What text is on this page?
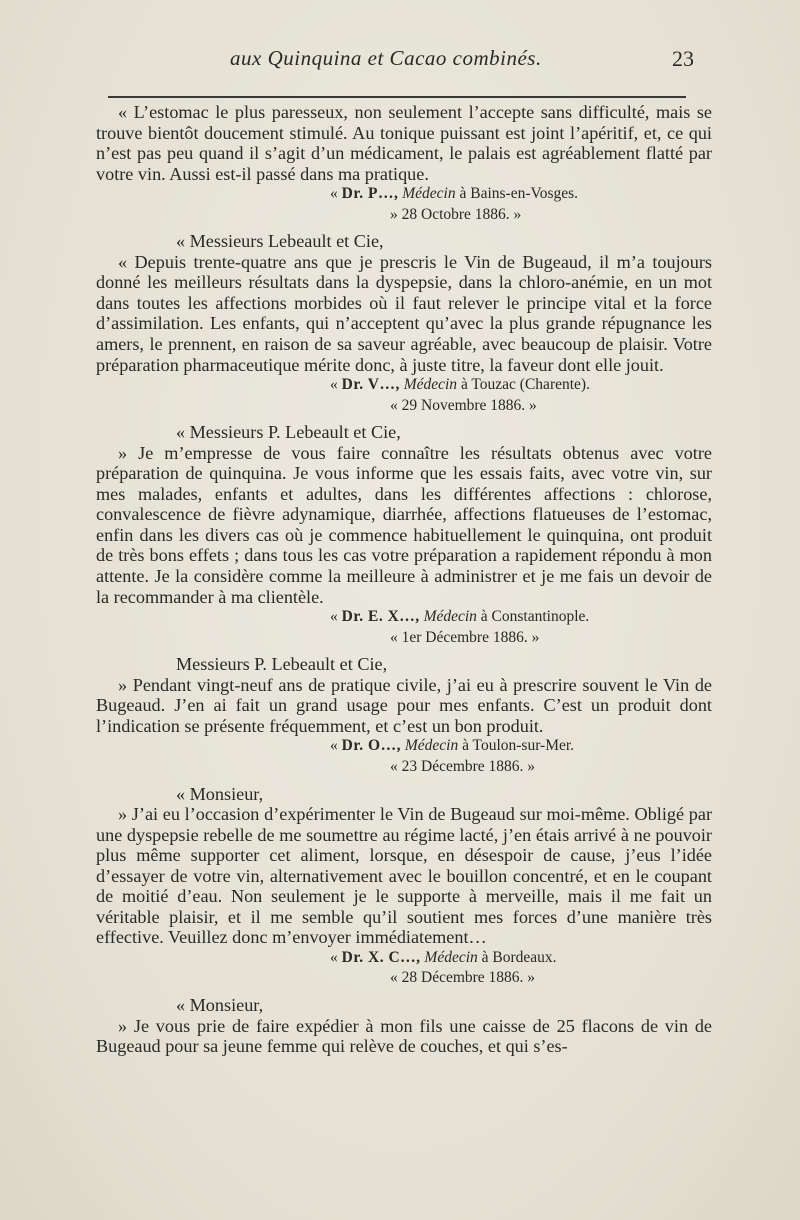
aux Quinquina et Cacao combinés.	23

« L’estomac le plus paresseux, non seulement l’accepte sans difficulté, mais se trouve bientôt doucement stimulé. Au tonique puissant est joint l’apéritif, et, ce qui n’est pas peu quand il s’agit d’un médicament, le palais est agréablement flatté par votre vin. Aussi est-il passé dans ma pratique.

« Dr. P…, Médecin à Bains-en-Vosges.

» 28 Octobre 1886. »

« Messieurs Lebeault et Cie,

« Depuis trente-quatre ans que je prescris le Vin de Bugeaud, il m’a toujours donné les meilleurs résultats dans la dyspepsie, dans la chloro-anémie, en un mot dans toutes les affections morbides où il faut relever le principe vital et la force d’assimilation. Les enfants, qui n’acceptent qu’avec la plus grande répugnance les amers, le prennent, en raison de sa saveur agréable, avec beaucoup de plaisir. Votre préparation pharmaceutique mérite donc, à juste titre, la faveur dont elle jouit.

« Dr. V…, Médecin à Touzac (Charente).

« 29 Novembre 1886. »

« Messieurs P. Lebeault et Cie,

» Je m’empresse de vous faire connaître les résultats obtenus avec votre préparation de quinquina. Je vous informe que les essais faits, avec votre vin, sur mes malades, enfants et adultes, dans les différentes affections : chlorose, convalescence de fièvre adynamique, diarrhée, affections flatueuses de l’estomac, enfin dans les divers cas où je commence habituellement le quinquina, ont produit de très bons effets ; dans tous les cas votre préparation a rapidement répondu à mon attente. Je la considère comme la meilleure à administrer et je me fais un devoir de la recommander à ma clientèle.

« Dr. E. X…, Médecin à Constantinople.

« 1er Décembre 1886. »

Messieurs P. Lebeault et Cie,

» Pendant vingt-neuf ans de pratique civile, j’ai eu à prescrire souvent le Vin de Bugeaud. J’en ai fait un grand usage pour mes enfants. C’est un produit dont l’indication se présente fréquemment, et c’est un bon produit.

« Dr. O…, Médecin à Toulon-sur-Mer.

« 23 Décembre 1886. »

« Monsieur,

» J’ai eu l’occasion d’expérimenter le Vin de Bugeaud sur moi-même. Obligé par une dyspepsie rebelle de me soumettre au régime lacté, j’en étais arrivé à ne pouvoir plus même supporter cet aliment, lorsque, en désespoir de cause, j’eus l’idée d’essayer de votre vin, alternativement avec le bouillon concentré, et en le coupant de moitié d’eau. Non seulement je le supporte à merveille, mais il me fait un véritable plaisir, et il me semble qu’il soutient mes forces d’une manière très effective. Veuillez donc m’envoyer immédiatement…

« Dr. X. C…, Médecin à Bordeaux.

« 28 Décembre 1886. »

« Monsieur,

» Je vous prie de faire expédier à mon fils une caisse de 25 flacons de vin de Bugeaud pour sa jeune femme qui relève de couches, et qui s’es-
